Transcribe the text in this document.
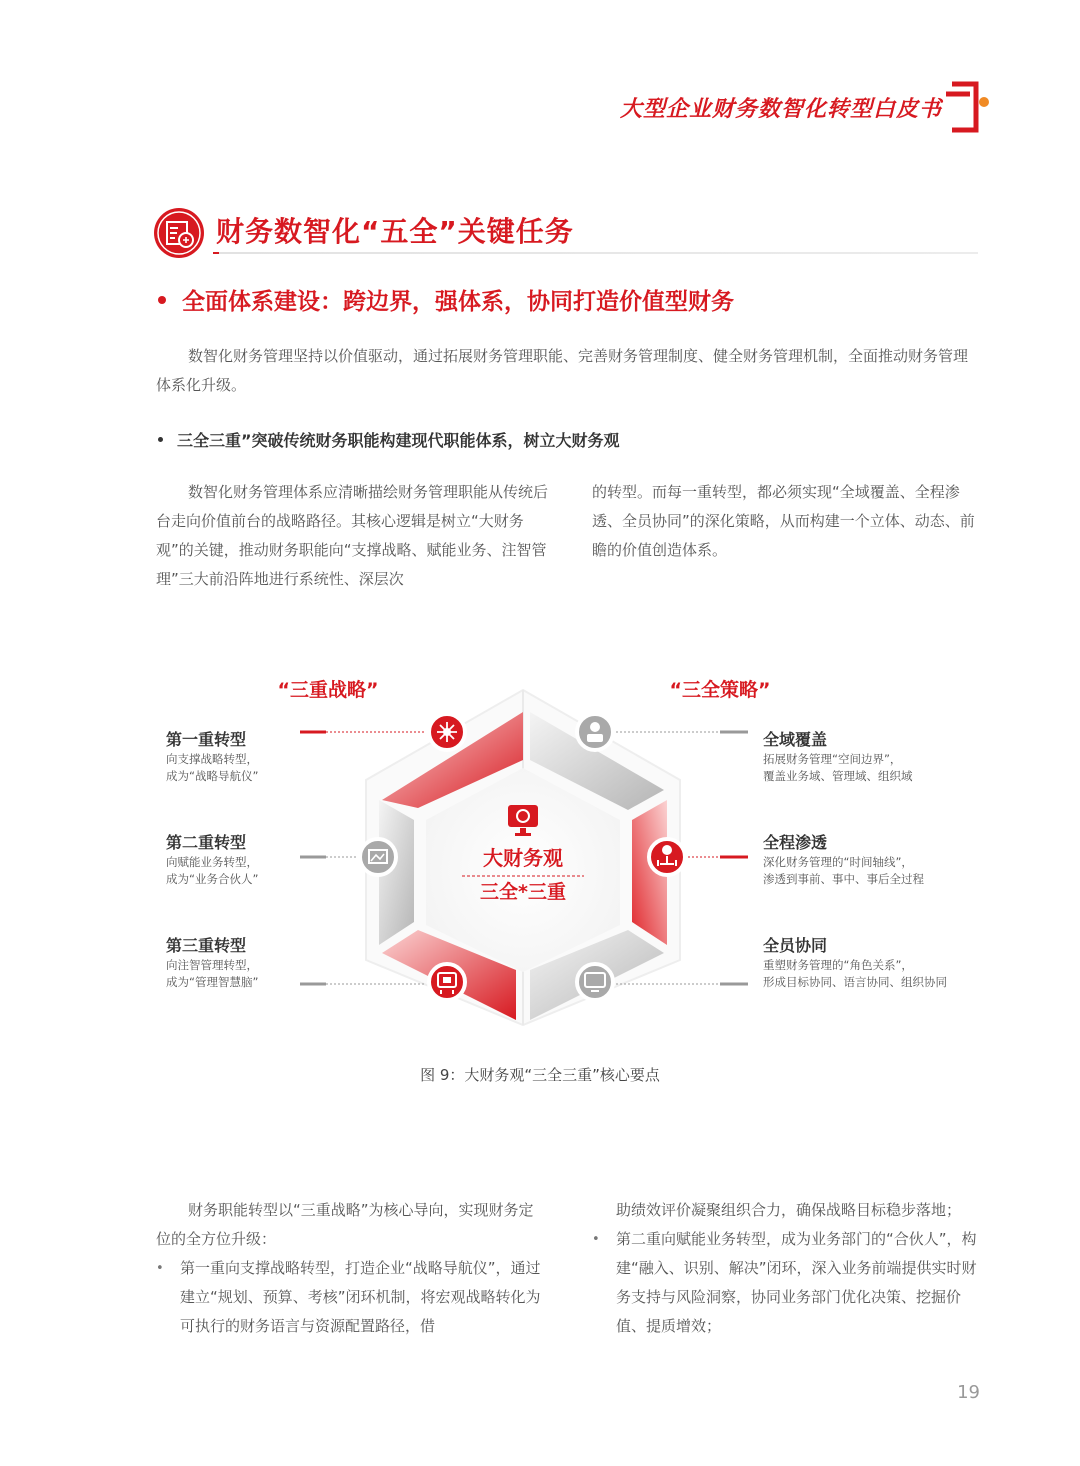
大型企业财务数智化转型白皮书
财务数智化“五全”关键任务
全面体系建设：跨边界，强体系，协同打造价值型财务

数智化财务管理坚持以价值驱动，通过拓展财务管理职能、完善财务管理制度、健全财务管理机制，全面推动财务管理体系化升级。

三全三重”突破传统财务职能构建现代职能体系，树立大财务观

数智化财务管理体系应清晰描绘财务管理职能从传统后台走向价值前台的战略路径。其核心逻辑是树立“大财务观”的关键，推动财务职能向“支撑战略、赋能业务、注智管理”三大前沿阵地进行系统性、深层次

的转型。而每一重转型，都必须实现“全域覆盖、全程渗透、全员协同”的深化策略，从而构建一个立体、动态、前瞻的价值创造体系。

“三重战略”	“三全策略”
大财务观
三全*三重
第一重转型
向支撑战略转型，
成为“战略导航仪”
第二重转型
向赋能业务转型，
成为“业务合伙人”
第三重转型
向注智管理转型，
成为“管理智慧脑”
全域覆盖
拓展财务管理“空间边界”，
覆盖业务域、管理域、组织域
全程渗透
深化财务管理的“时间轴线”，
渗透到事前、事中、事后全过程
全员协同
重塑财务管理的“角色关系”，
形成目标协同、语言协同、组织协同
图 9：大财务观“三全三重”核心要点

财务职能转型以“三重战略”为核心导向，实现财务定位的全方位升级：

• 第一重向支撑战略转型，打造企业“战略导航仪”，通过建立“规划、预算、考核”闭环机制，将宏观战略转化为可执行的财务语言与资源配置路径，借

助绩效评价凝聚组织合力，确保战略目标稳步落地；

• 第二重向赋能业务转型，成为业务部门的“合伙人”，构建“融入、识别、解决”闭环，深入业务前端提供实时财务支持与风险洞察，协同业务部门优化决策、挖掘价值、提质增效；

19
